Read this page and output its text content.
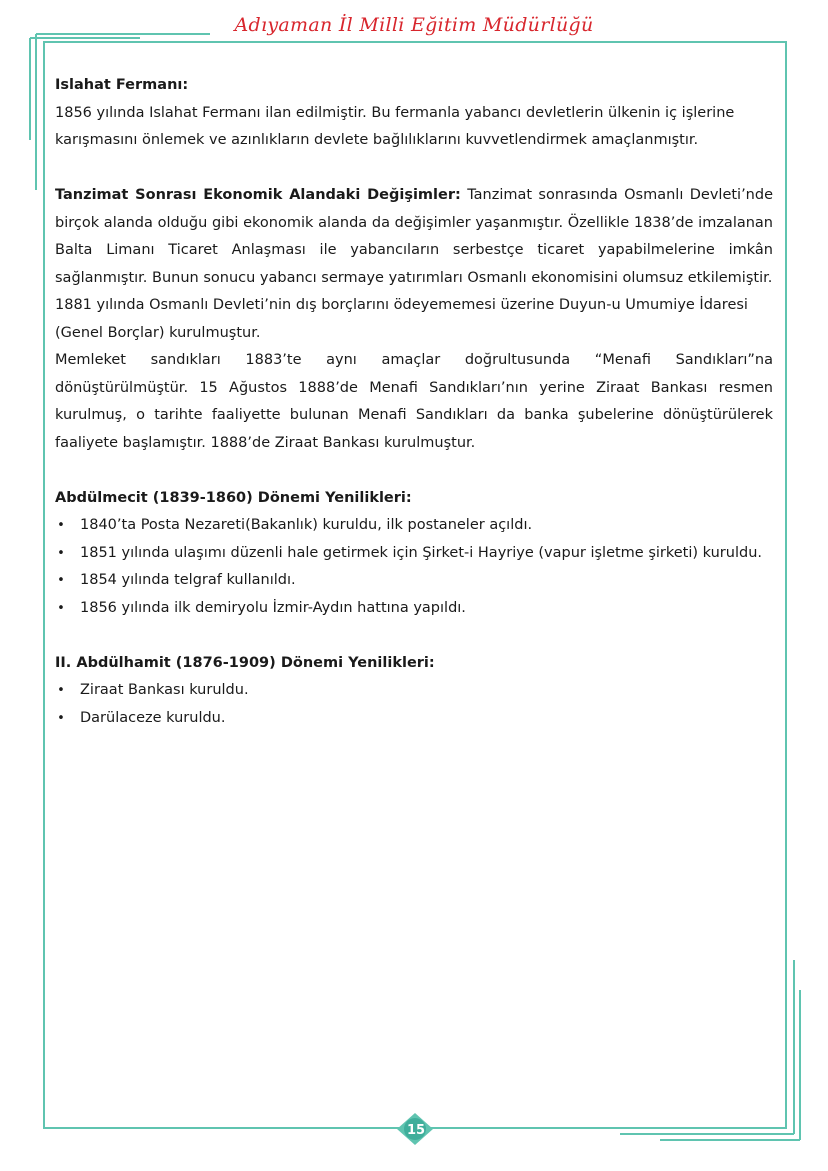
Adıyaman İl Milli Eğitim Müdürlüğü

Islahat Fermanı:

1856 yılında Islahat Fermanı ilan edilmiştir. Bu fermanla yabancı devletlerin ülkenin iç işlerine karışmasını önlemek ve azınlıkların devlete bağlılıklarını kuvvetlendirmek amaçlanmıştır.

Tanzimat Sonrası Ekonomik Alandaki Değişimler: Tanzimat sonrasında Osmanlı Devleti’nde birçok alanda olduğu gibi ekonomik alanda da değişimler yaşanmıştır. Özellikle 1838’de imzalanan Balta Limanı Ticaret Anlaşması ile yabancıların serbestçe ticaret yapabilmelerine imkân sağlanmıştır. Bunun sonucu yabancı sermaye yatırımları Osmanlı ekonomisini olumsuz etkilemiştir.

1881 yılında Osmanlı Devleti’nin dış borçlarını ödeyememesi üzerine Duyun-u Umumiye İdaresi (Genel Borçlar) kurulmuştur.

Memleket sandıkları 1883’te aynı amaçlar doğrultusunda “Menafi Sandıkları”na

dönüştürülmüştür. 15 Ağustos 1888’de Menafi Sandıkları’nın yerine Ziraat Bankası resmen kurulmuş, o tarihte faaliyette bulunan Menafi Sandıkları da banka şubelerine dönüştürülerek faaliyete başlamıştır. 1888’de Ziraat Bankası kurulmuştur.

Abdülmecit (1839-1860) Dönemi Yenilikleri:

• 1840’ta Posta Nezareti(Bakanlık) kuruldu, ilk postaneler açıldı.
• 1851 yılında ulaşımı düzenli hale getirmek için Şirket-i Hayriye (vapur işletme şirketi) kuruldu.
• 1854 yılında telgraf kullanıldı.
• 1856 yılında ilk demiryolu İzmir-Aydın hattına yapıldı.

II. Abdülhamit (1876-1909) Dönemi Yenilikleri:

• Ziraat Bankası kuruldu.
• Darülaceze kuruldu.
15
